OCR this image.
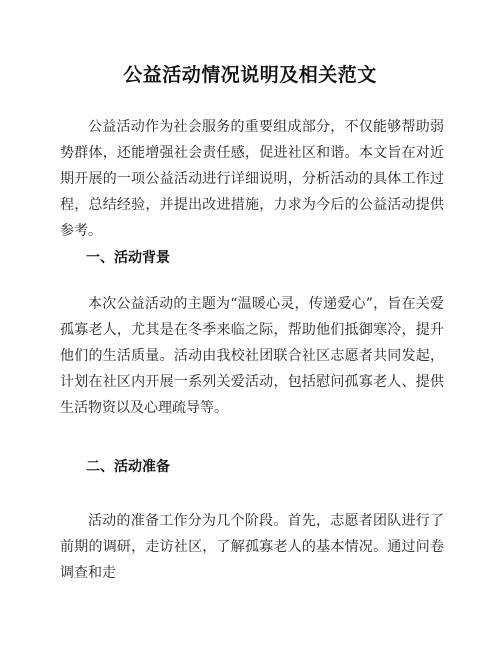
公益活动情况说明及相关范文
公益活动作为社会服务的重要组成部分，不仅能够帮助弱势群体，还能增强社会责任感，促进社区和谐。本文旨在对近期开展的一项公益活动进行详细说明，分析活动的具体工作过程，总结经验，并提出改进措施，力求为今后的公益活动提供参考。
一、活动背景
本次公益活动的主题为“温暖心灵，传递爱心”，旨在关爱孤寡老人，尤其是在冬季来临之际，帮助他们抵御寒冷，提升他们的生活质量。活动由我校社团联合社区志愿者共同发起，计划在社区内开展一系列关爱活动，包括慰问孤寡老人、提供生活物资以及心理疏导等。
二、活动准备
活动的准备工作分为几个阶段。首先，志愿者团队进行了前期的调研，走访社区，了解孤寡老人的基本情况。通过问卷调查和走
